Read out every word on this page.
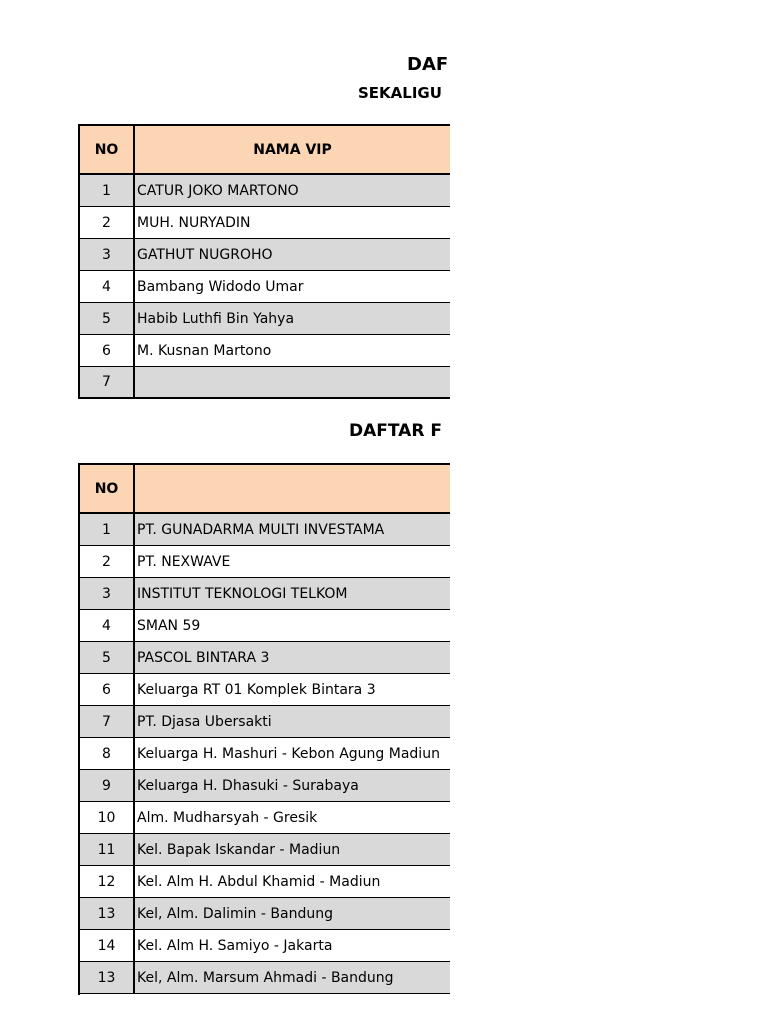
DAF
SEKALIGU
NO	NAMA VIP
1	CATUR JOKO MARTONO
2	MUH. NURYADIN
3	GATHUT NUGROHO
4	Bambang Widodo Umar
5	Habib Luthfi Bin Yahya
6	M. Kusnan Martono
7
DAFTAR F
NO
1	PT. GUNADARMA MULTI INVESTAMA
2	PT. NEXWAVE
3	INSTITUT TEKNOLOGI TELKOM
4	SMAN 59
5	PASCOL BINTARA 3
6	Keluarga RT 01 Komplek Bintara 3
7	PT. Djasa Ubersakti
8	Keluarga H. Mashuri - Kebon Agung Madiun
9	Keluarga H. Dhasuki - Surabaya
10	Alm. Mudharsyah - Gresik
11	Kel. Bapak Iskandar - Madiun
12	Kel. Alm H. Abdul Khamid - Madiun
13	Kel, Alm. Dalimin - Bandung
14	Kel. Alm H. Samiyo - Jakarta
13	Kel, Alm. Marsum Ahmadi - Bandung
